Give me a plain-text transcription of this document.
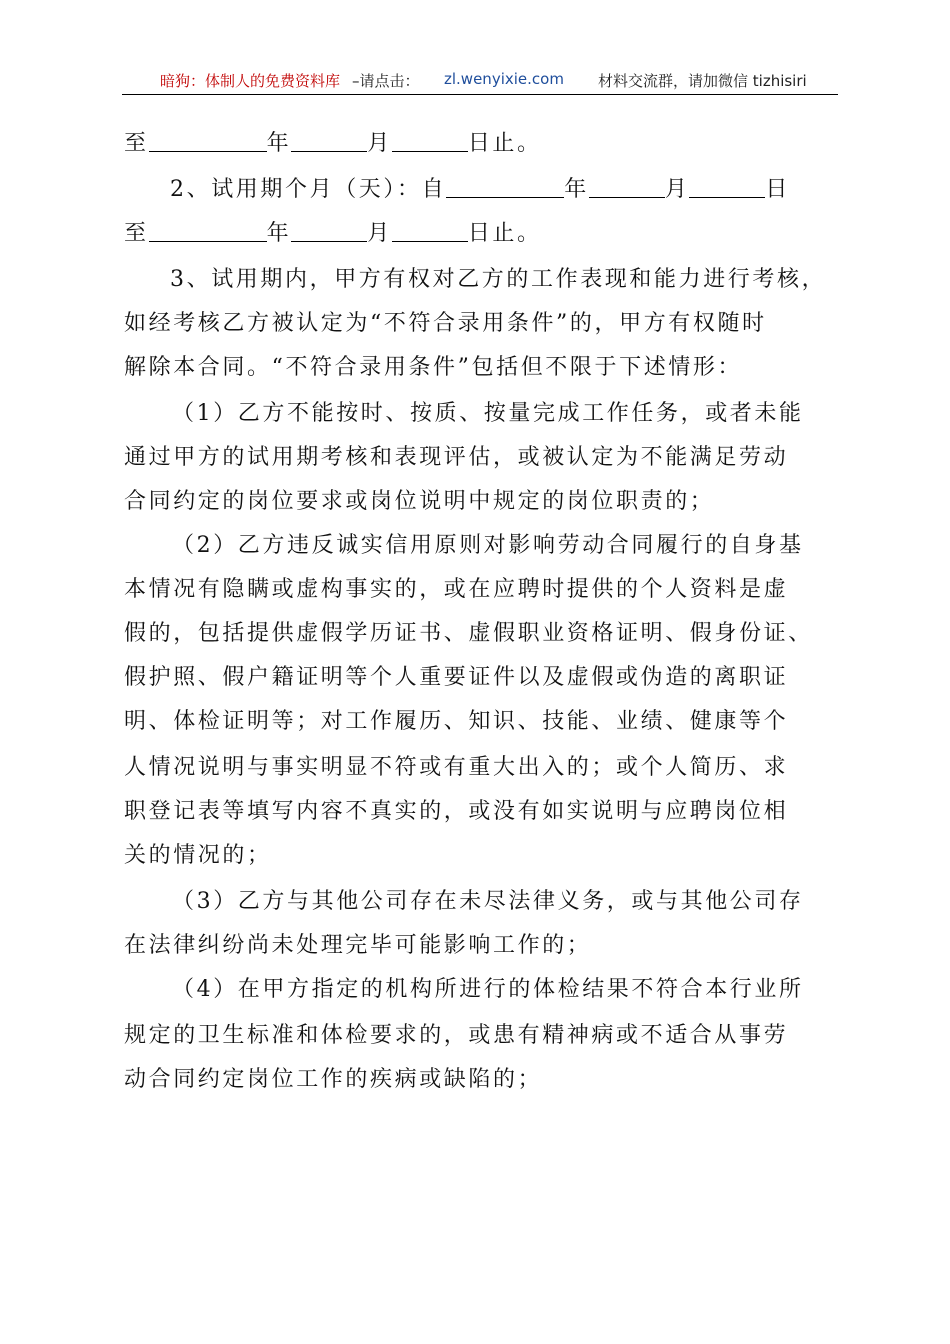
暗狗：体制人的免费资料库 –请点击： zl.wenyixie.com 材料交流群，请加微信 tizhisiri
至	年	月	日止。
2、试用期个月（天）：自	年	月	日
至	年	月	日止。
3、试用期内，甲方有权对乙方的工作表现和能力进行考核，
如经考核乙方被认定为“不符合录用条件”的，甲方有权随时
解除本合同。“不符合录用条件”包括但不限于下述情形：
（1）乙方不能按时、按质、按量完成工作任务，或者未能
通过甲方的试用期考核和表现评估，或被认定为不能满足劳动
合同约定的岗位要求或岗位说明中规定的岗位职责的；
（2）乙方违反诚实信用原则对影响劳动合同履行的自身基
本情况有隐瞒或虚构事实的，或在应聘时提供的个人资料是虚
假的，包括提供虚假学历证书、虚假职业资格证明、假身份证、
假护照、假户籍证明等个人重要证件以及虚假或伪造的离职证
明、体检证明等；对工作履历、知识、技能、业绩、健康等个
人情况说明与事实明显不符或有重大出入的；或个人简历、求
职登记表等填写内容不真实的，或没有如实说明与应聘岗位相
关的情况的；
（3）乙方与其他公司存在未尽法律义务，或与其他公司存
在法律纠纷尚未处理完毕可能影响工作的；
（4）在甲方指定的机构所进行的体检结果不符合本行业所
规定的卫生标准和体检要求的，或患有精神病或不适合从事劳
动合同约定岗位工作的疾病或缺陷的；
